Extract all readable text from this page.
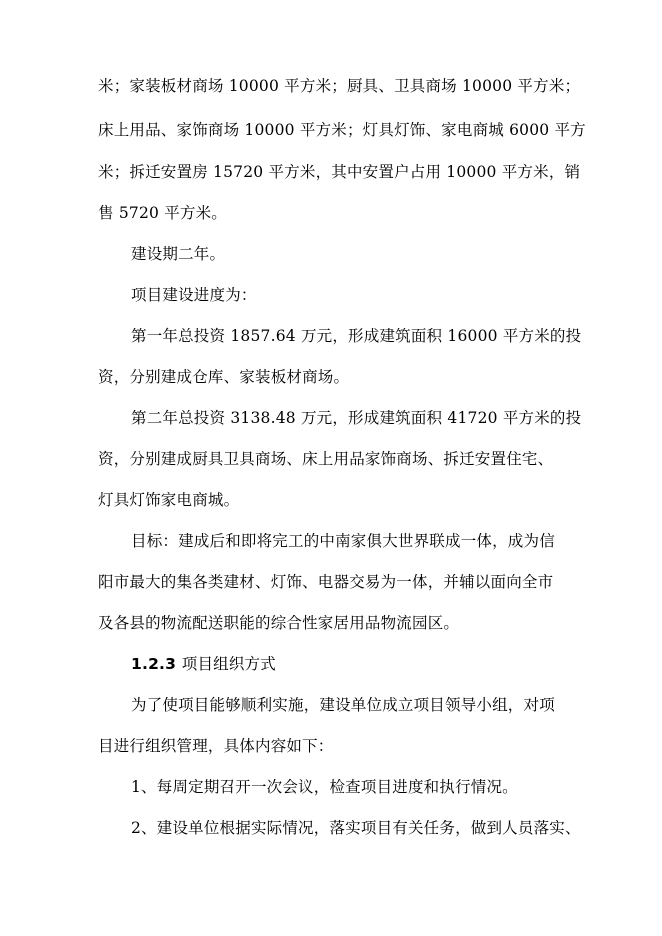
米；家装板材商场 10000 平方米；厨具、卫具商场 10000 平方米；
床上用品、家饰商场 10000 平方米；灯具灯饰、家电商城 6000 平方
米；拆迁安置房 15720 平方米，其中安置户占用 10000 平方米，销
售 5720 平方米。
建设期二年。
项目建设进度为：
第一年总投资 1857.64 万元，形成建筑面积 16000 平方米的投
资，分别建成仓库、家装板材商场。
第二年总投资 3138.48 万元，形成建筑面积 41720 平方米的投
资，分别建成厨具卫具商场、床上用品家饰商场、拆迁安置住宅、
灯具灯饰家电商城。
目标：建成后和即将完工的中南家俱大世界联成一体，成为信
阳市最大的集各类建材、灯饰、电器交易为一体，并辅以面向全市
及各县的物流配送职能的综合性家居用品物流园区。
1.2.3 项目组织方式
为了使项目能够顺利实施，建设单位成立项目领导小组，对项
目进行组织管理，具体内容如下：
1、每周定期召开一次会议，检查项目进度和执行情况。
2、建设单位根据实际情况，落实项目有关任务，做到人员落实、
